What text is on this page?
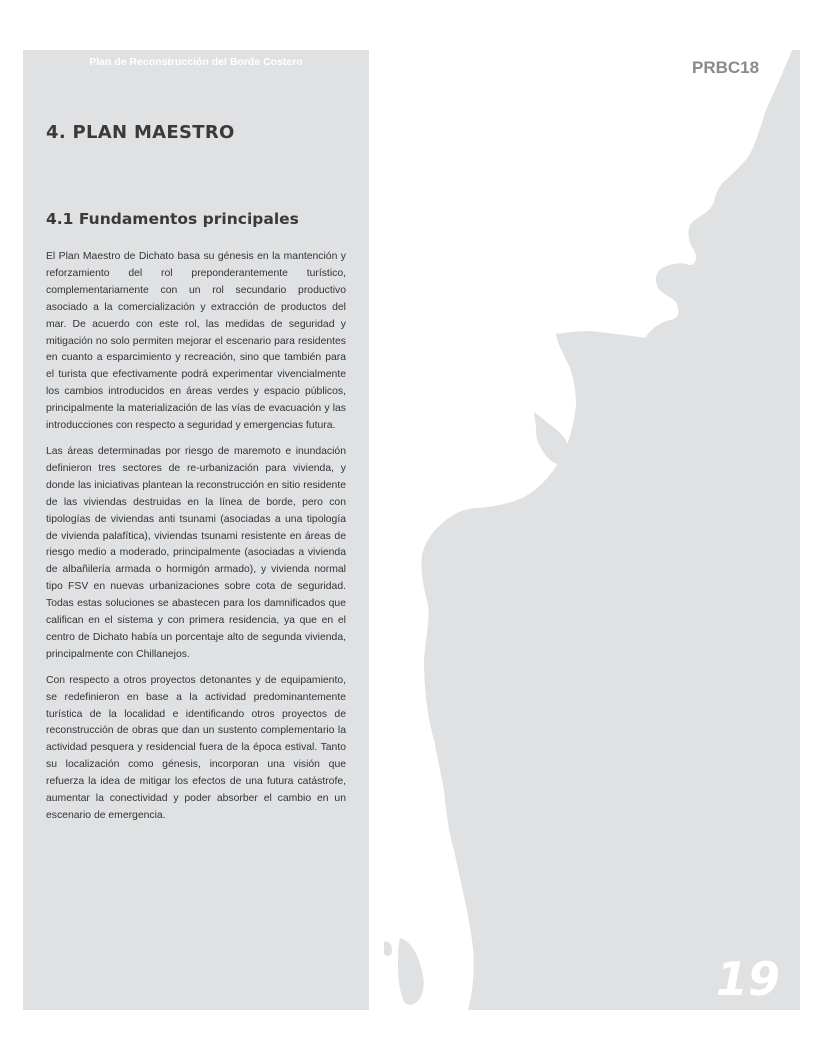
Plan de Reconstrucción del Borde Costero
4. PLAN MAESTRO
4.1 Fundamentos principales

El Plan Maestro de Dichato basa su génesis en la mantención y reforzamiento del rol preponderantemente turístico, complementariamente con un rol secundario productivo asociado a la comercialización y extracción de productos del mar. De acuerdo con este rol, las medidas de seguridad y mitigación no solo permiten mejorar el escenario para residentes en cuanto a esparcimiento y recreación, sino que también para el turista que efectivamente podrá experimentar vivencialmente los cambios introducidos en áreas verdes y espacio públicos, principalmente la materialización de las vías de evacuación y las introducciones con respecto a seguridad y emergencias futura.

Las áreas determinadas por riesgo de maremoto e inundación definieron tres sectores de re-urbanización para vivienda, y donde las iniciativas plantean la reconstrucción en sitio residente de las viviendas destruidas en la línea de borde, pero con tipologías de viviendas anti tsunami (asociadas a una tipología de vivienda palafítica), viviendas tsunami resistente en áreas de riesgo medio a moderado, principalmente (asociadas a vivienda de albañilería armada o hormigón armado), y vivienda normal tipo FSV en nuevas urbanizaciones sobre cota de seguridad. Todas estas soluciones se abastecen para los damnificados que califican en el sistema y con primera residencia, ya que en el centro de Dichato había un porcentaje alto de segunda vivienda, principalmente con Chillanejos.

Con respecto a otros proyectos detonantes y de equipamiento, se redefinieron en base a la actividad predominantemente turística de la localidad e identificando otros proyectos de reconstrucción de obras que dan un sustento complementario la actividad pesquera y residencial fuera de la época estival. Tanto su localización como génesis, incorporan una visión que refuerza la idea de mitigar los efectos de una futura catástrofe, aumentar la conectividad y poder absorber el cambio en un escenario de emergencia.

PRBC18
19
